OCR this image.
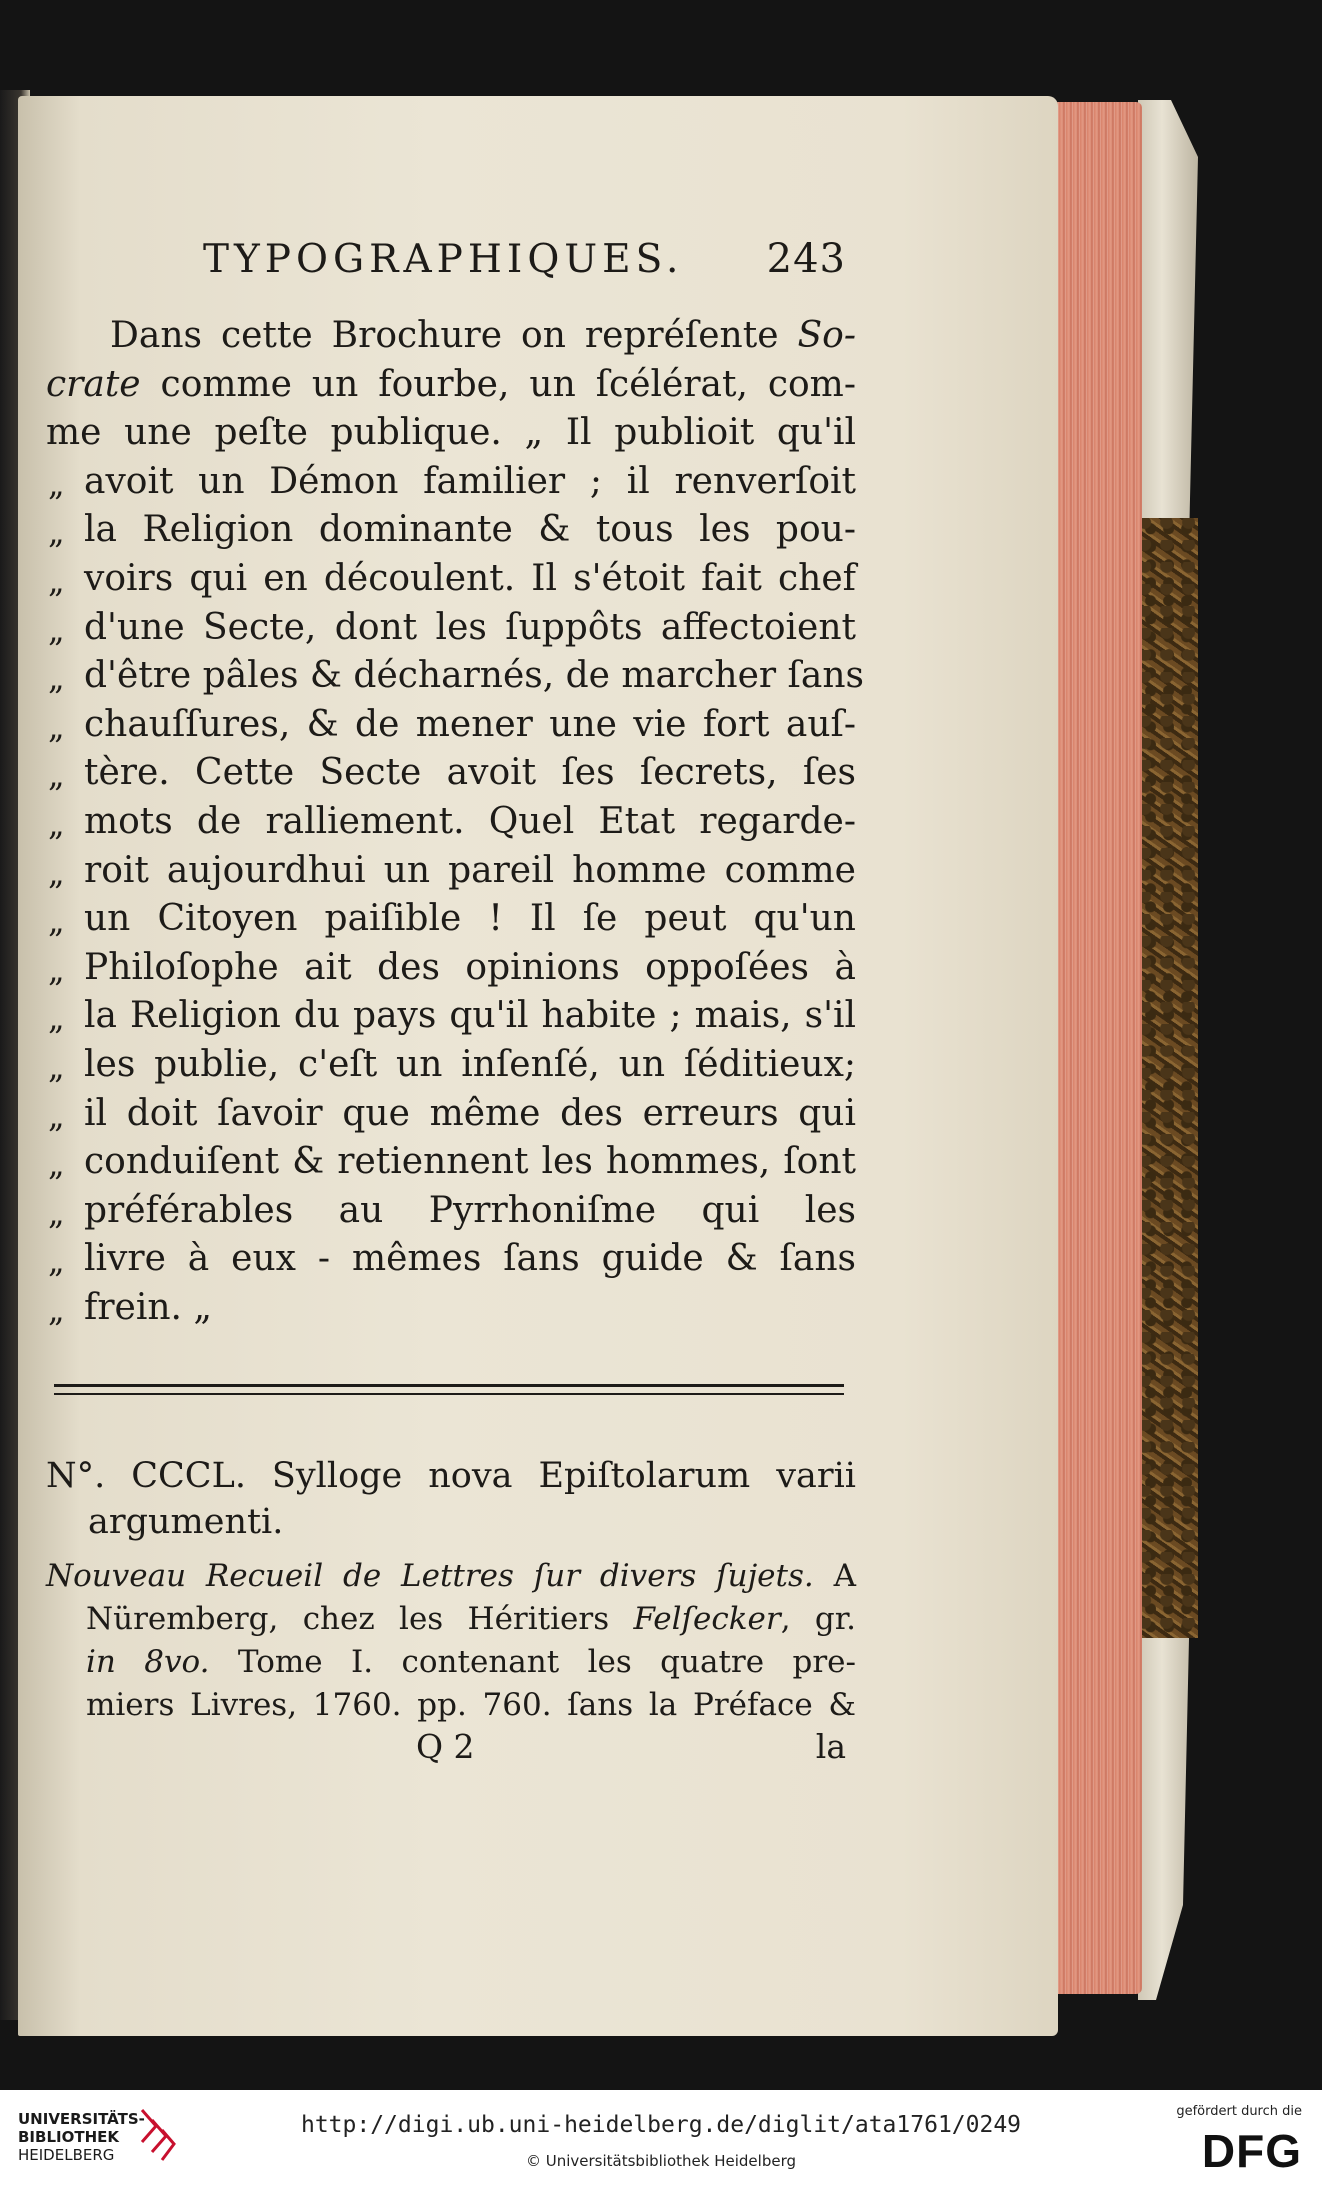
TYPOGRAPHIQUES. 243
Dans cette Brochure on repréſente So-
crate comme un fourbe, un ſcélérat, com-
me une peſte publique. „ Il publioit qu'il
„ avoit un Démon familier ; il renverſoit
„ la Religion dominante & tous les pou-
„ voirs qui en découlent. Il s'étoit fait chef
„ d'une Secte, dont les ſuppôts affectoient
„ d'être pâles & décharnés, de marcher ſans
„ chauſſures, & de mener une vie fort auſ-
„ tère. Cette Secte avoit ſes ſecrets, ſes
„ mots de ralliement. Quel Etat regarde-
„ roit aujourdhui un pareil homme comme
„ un Citoyen paiſible ! Il ſe peut qu'un
„ Philoſophe ait des opinions oppoſées à
„ la Religion du pays qu'il habite ; mais, s'il
„ les publie, c'eſt un inſenſé, un ſéditieux;
„ il doit ſavoir que même des erreurs qui
„ conduiſent & retiennent les hommes, ſont
„ préférables au Pyrrhoniſme qui les
„ livre à eux - mêmes ſans guide & ſans
„ frein. „
N°. CCCL. Sylloge nova Epiſtolarum varii
argumenti.
Nouveau Recueil de Lettres ſur divers ſujets. A
Nüremberg, chez les Héritiers Felſecker, gr.
in 8vo. Tome I. contenant les quatre pre-
miers Livres, 1760. pp. 760. ſans la Préface &
Q 2	la
UNIVERSITÄTS-
BIBLIOTHEK
HEIDELBERG
http://digi.ub.uni-heidelberg.de/diglit/ata1761/0249
© Universitätsbibliothek Heidelberg
gefördert durch die
DFG
